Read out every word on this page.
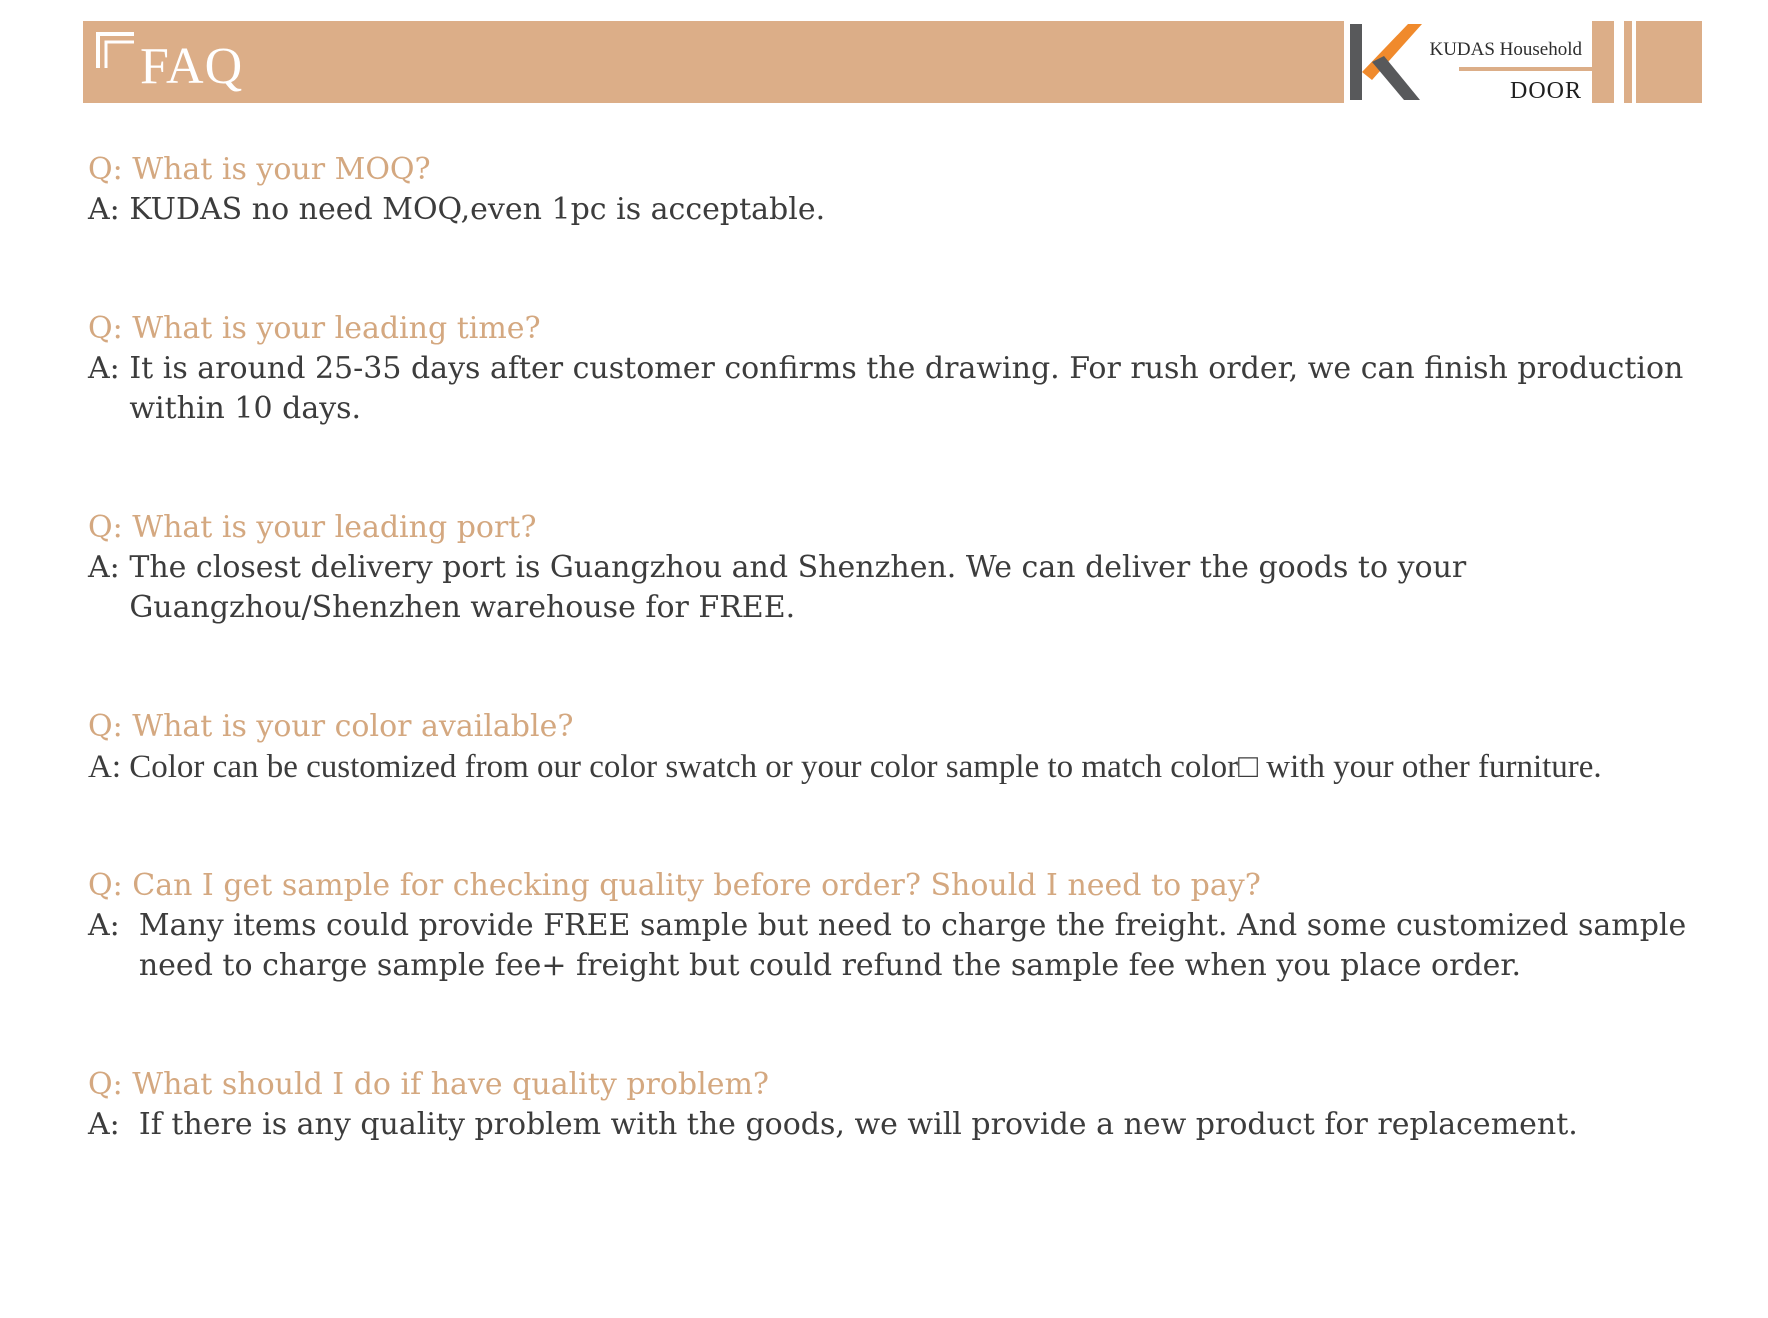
FAQ	KUDAS Household
DOOR

Q: What is your MOQ?

A: KUDAS no need MOQ,even 1pc is acceptable.

Q: What is your leading time?

A: It is around 25-35 days after customer confirms the drawing. For rush order, we can finish production within 10 days.

Q: What is your leading port?

A: The closest delivery port is Guangzhou and Shenzhen. We can deliver the goods to your Guangzhou/Shenzhen warehouse for FREE.

Q: What is your color available?

A: Color can be customized from our color swatch or your color sample to match color□ with your other furniture.

Q: Can I get sample for checking quality before order? Should I need to pay?

A: Many items could provide FREE sample but need to charge the freight. And some customized sample need to charge sample fee+ freight but could refund the sample fee when you place order.

Q: What should I do if have quality problem?

A: If there is any quality problem with the goods, we will provide a new product for replacement.
